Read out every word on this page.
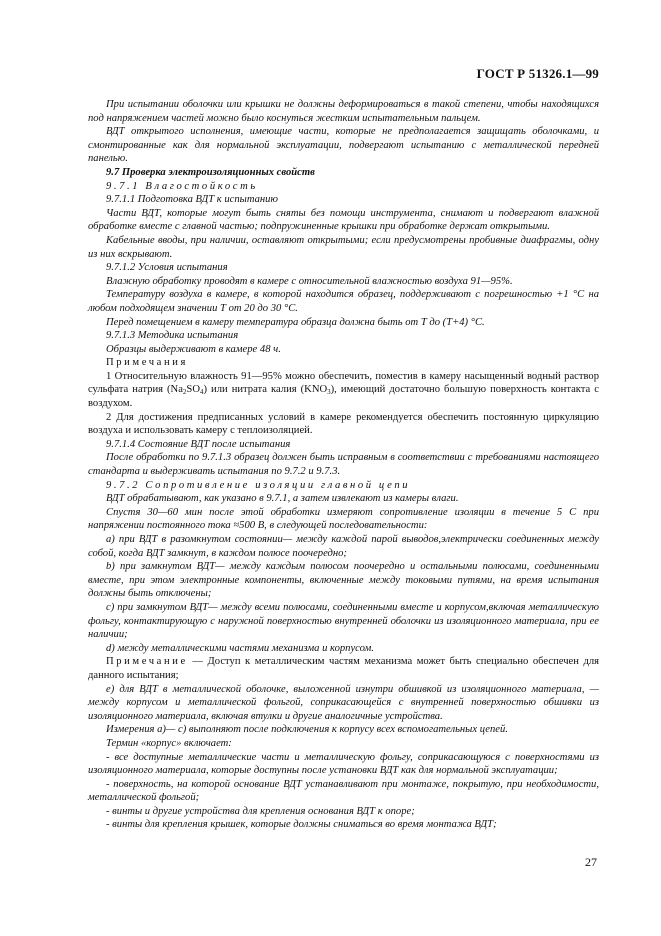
ГОСТ Р 51326.1—99

При испытании оболочки или крышки не должны деформироваться в такой степени, чтобы находящихся под напряжением частей можно было коснуться жестким испытательным пальцем.

ВДТ открытого исполнения, имеющие части, которые не предполагается защищать оболочками, и смонтированные как для нормальной эксплуатации, подвергают испытанию с металлической передней панелью.

9.7 Проверка электроизоляционных свойств

9.7.1 Влагостойкость

9.7.1.1 Подготовка ВДТ к испытанию

Части ВДТ, которые могут быть сняты без помощи инструмента, снимают и подвергают влажной обработке вместе с главной частью; подпружиненные крышки при обработке держат открытыми.

Кабельные вводы, при наличии, оставляют открытыми; если предусмотрены пробивные диафрагмы, одну из них вскрывают.

9.7.1.2 Условия испытания

Влажную обработку проводят в камере с относительной влажностью воздуха 91—95%.

Температуру воздуха в камере, в которой находится образец, поддерживают с погрешностью +1 °С на любом подходящем значении Т от 20 до 30 °С.

Перед помещением в камеру температура образца должна быть от Т до (Т+4) °С.

9.7.1.3 Методика испытания

Образцы выдерживают в камере 48 ч.

Примечания

1 Относительную влажность 91—95% можно обеспечить, поместив в камеру насыщенный водный раствор сульфата натрия $(Na_2SO_4)$ или нитрата калия $(KNO_3)$, имеющий достаточно большую поверхность контакта с воздухом.

2 Для достижения предписанных условий в камере рекомендуется обеспечить постоянную циркуляцию воздуха и использовать камеру с теплоизоляцией.

9.7.1.4 Состояние ВДТ после испытания

После обработки по 9.7.1.3 образец должен быть исправным в соответствии с требованиями настоящего стандарта и выдерживать испытания по 9.7.2 и 9.7.3.

9.7.2 Сопротивление изоляции главной цепи

ВДТ обрабатывают, как указано в 9.7.1, а затем извлекают из камеры влаги.

Спустя 30—60 мин после этой обработки измеряют сопротивление изоляции в течение 5 С при напряжении постоянного тока ≈500 В, в следующей последовательности:

а) при ВДТ в разомкнутом состоянии— между каждой парой выводов,электрически соединенных между собой, когда ВДТ замкнут, в каждом полюсе поочередно;

b) при замкнутом ВДТ— между каждым полюсом поочередно и остальными полюсами, соединенными вместе, при этом электронные компоненты, включенные между токовыми путями, на время испытания должны быть отключены;

c) при замкнутом ВДТ— между всеми полюсами, соединенными вместе и корпусом,включая металлическую фольгу, контактирующую с наружной поверхностью внутренней оболочки из изоляционного материала, при ее наличии;

d) между металлическими частями механизма и корпусом.

Примечание — Доступ к металлическим частям механизма может быть специально обеспечен для данного испытания;

e) для ВДТ в металлической оболочке, выложенной изнутри обшивкой из изоляционного материала, — между корпусом и металлической фольгой, соприкасающейся с внутренней поверхностью обшивки из изоляционного материала, включая втулки и другие аналогичные устройства.

Измерения а)— с) выполняют после подключения к корпусу всех вспомогательных цепей.

Термин «корпус» включает:

- все доступные металлические части и металлическую фольгу, соприкасающуюся с поверхностями из изоляционного материала, которые доступны после установки ВДТ как для нормальной эксплуатации;

- поверхность, на которой основание ВДТ устанавливают при монтаже, покрытую, при необходимости, металлической фольгой;

- винты и другие устройства для крепления основания ВДТ к опоре;

- винты для крепления крышек, которые должны сниматься во время монтажа ВДТ;

27
